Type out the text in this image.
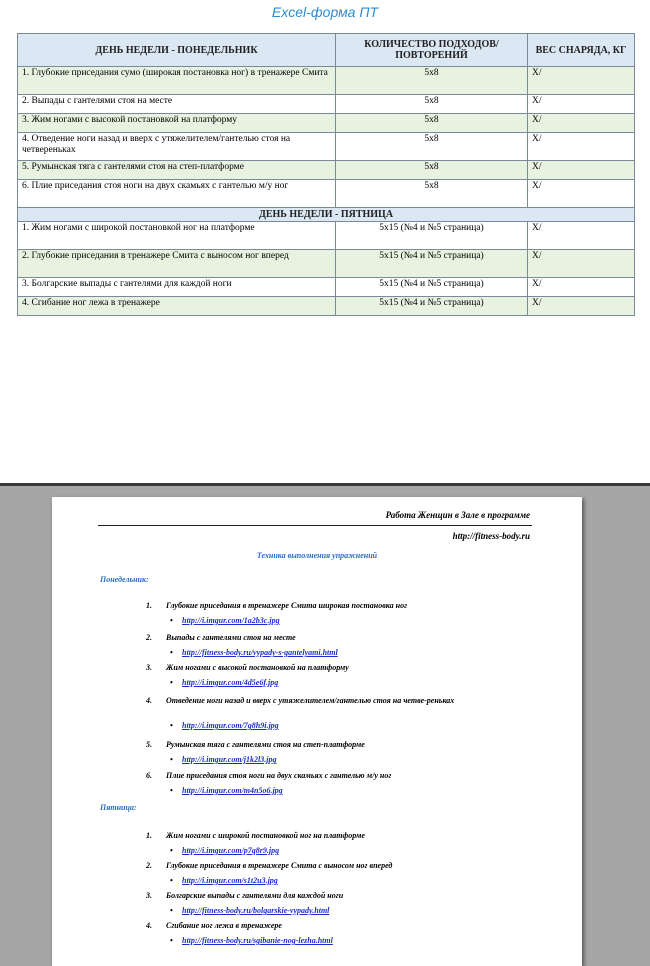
Excel-форма ПТ
ДЕНЬ НЕДЕЛИ - ПОНЕДЕЛЬНИК	КОЛИЧЕСТВО ПОДХОДОВ/ПОВТОРЕНИЙ	ВЕС СНАРЯДА, КГ
1. Глубокие приседания сумо (широкая постановка ног) в тренажере Смита	5х8	Х/
2. Выпады с гантелями стоя на месте	5х8	Х/
3. Жим ногами с высокой постановкой на платформу	5х8	Х/
4. Отведение ноги назад и вверх с утяжелителем/гантелью стоя на четвереньках	5х8	Х/
5. Румынская тяга с гантелями стоя на степ-платформе	5х8	Х/
6. Плие приседания стоя ноги на двух скамьях с гантелью м/у ног	5х8	Х/
ДЕНЬ НЕДЕЛИ - ПЯТНИЦА		
1. Жим ногами с широкой постановкой ног на платформе	5х15 (№4 и №5 страница)	Х/
2. Глубокие приседания в тренажере Смита с выносом ног вперед	5х15 (№4 и №5 страница)	Х/
3. Болгарские выпады с гантелями для каждой ноги	5х15 (№4 и №5 страница)	Х/
4. Сгибание ног лежа в тренажере	5х15 (№4 и №5 страница)	Х/
Работа Женщин в Зале в программе
http://fitness-body.ru
Техника выполнения упражнений
Понедельник:
1. Глубокие приседания в тренажере Смита широкая постановка ног
• http://i.imgur.com/1a2b3c.jpg
2. Выпады с гантелями стоя на месте
• http://fitness-body.ru/vypady-s-gantelyami.html
3. Жим ногами с высокой постановкой на платформу
• http://i.imgur.com/4d5e6f.jpg
4. Отведение ноги назад и вверх с утяжелителем/гантелью стоя на четве-реньках
• http://i.imgur.com/7g8h9i.jpg
5. Румынская тяга с гантелями стоя на степ-платформе
• http://i.imgur.com/j1k2l3.jpg
6. Плие приседания стоя ноги на двух скамьях с гантелью м/у ног
• http://i.imgur.com/m4n5o6.jpg
Пятница:
1. Жим ногами с широкой постановкой ног на платформе
• http://i.imgur.com/p7q8r9.jpg
2. Глубокие приседания в тренажере Смита с выносом ног вперед
• http://i.imgur.com/s1t2u3.jpg
3. Болгарские выпады с гантелями для каждой ноги
• http://fitness-body.ru/bolgarskie-vypady.html
4. Сгибание ног лежа в тренажере
• http://fitness-body.ru/sgibanie-nog-lezha.html
